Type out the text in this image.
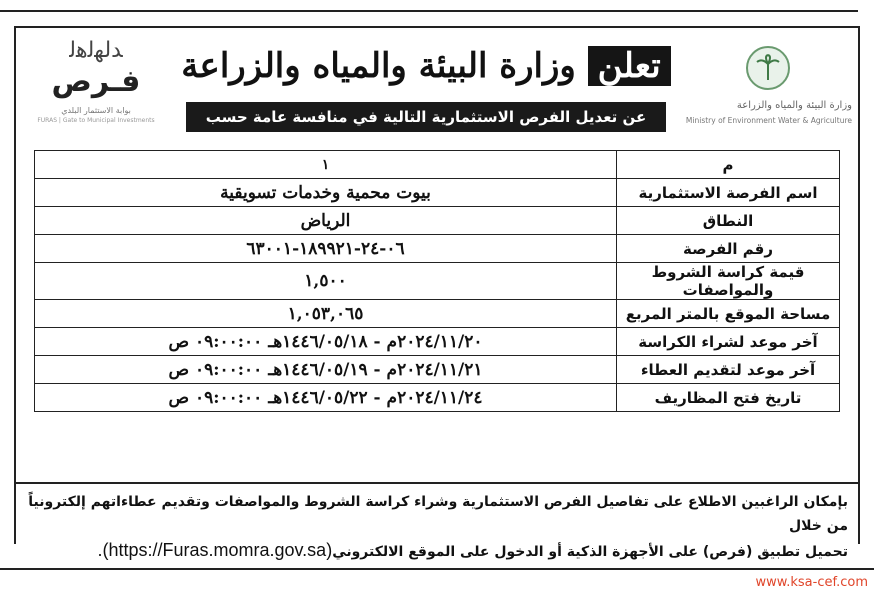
ﺪﻟﻬﻟﻫﻟ
فـرص
بوابة الاستثمار البلدي
FURAS | Gate to Municipal Investments
تعلن وزارة البيئة والمياه والزراعة
عن تعديل الفرص الاستثمارية التالية في منافسة عامة حسب الجدول التالي:
وزارة البيئة والمياه والزراعة
Ministry of Environment Water & Agriculture
م	١
اسم الفرصة الاستثمارية	بيوت محمية وخدمات تسويقية
النطاق	الرياض
رقم الفرصة	٠٦-٢٤-١٨٩٩٢١-٦٣٠٠١
قيمة كراسة الشروط والمواصفات	١,٥٠٠
مساحة الموقع بالمتر المربع	١,٠٥٣,٠٦٥
آخر موعد لشراء الكراسة	٢٠٢٤/١١/٢٠م - ١٤٤٦/٠٥/١٨هـ ٠٩:٠٠:٠٠ ص
آخر موعد لتقديم العطاء	٢٠٢٤/١١/٢١م - ١٤٤٦/٠٥/١٩هـ ٠٩:٠٠:٠٠ ص
تاريخ فتح المظاريف	٢٠٢٤/١١/٢٤م - ١٤٤٦/٠٥/٢٢هـ ٠٩:٠٠:٠٠ ص
بإمكان الراغبين الاطلاع على تفاصيل الفرص الاستثمارية وشراء كراسة الشروط والمواصفات وتقديم عطاءاتهم إلكترونياً من خلال
تحميل تطبيق (فرص) على الأجهزة الذكية أو الدخول على الموقع الالكتروني(https://Furas.momra.gov.sa).
www.ksa-cef.com
